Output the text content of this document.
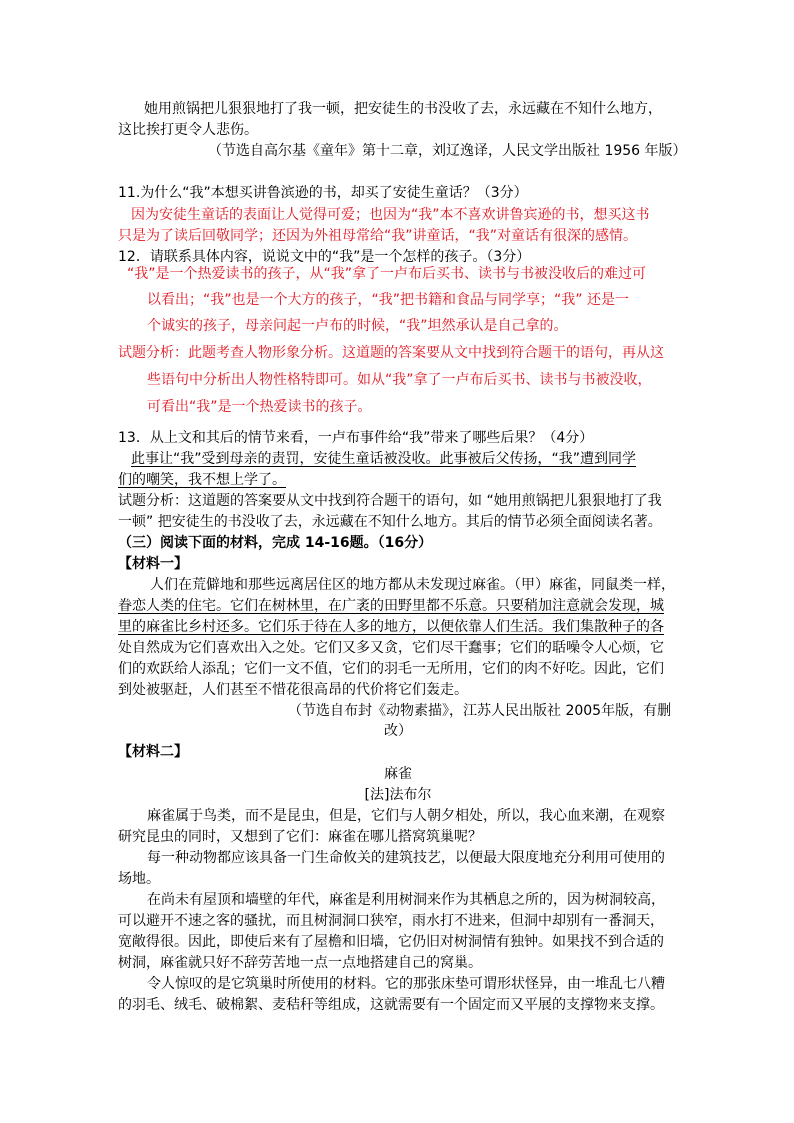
她用煎锅把儿狠狠地打了我一顿，把安徒生的书没收了去，永远藏在不知什么地方，
这比挨打更令人悲伤。
（节选自高尔基《童年》第十二章，刘辽逸译，人民文学出版社 1956 年版）
11.为什么“我”本想买讲鲁滨逊的书，却买了安徒生童话？（3分）
因为安徒生童话的表面让人觉得可爱；也因为“我”本不喜欢讲鲁宾逊的书，想买这书
只是为了读后回敬同学；还因为外祖母常给“我”讲童话，“我”对童话有很深的感情。
12．请联系具体内容，说说文中的“我”是一个怎样的孩子。（3分）
“我”是一个热爱读书的孩子，从“我”拿了一卢布后买书、读书与书被没收后的难过可
以看出；“我”也是一个大方的孩子，“我”把书籍和食品与同学享；“我” 还是一
个诚实的孩子，母亲问起一卢布的时候，“我”坦然承认是自己拿的。
试题分析：此题考查人物形象分析。这道题的答案要从文中找到符合题干的语句，再从这
些语句中分析出人物性格特即可。如从“我”拿了一卢布后买书、读书与书被没收，
可看出“我”是一个热爱读书的孩子。
13．从上文和其后的情节来看，一卢布事件给“我”带来了哪些后果？（4分）
此事让“我”受到母亲的责罚，安徒生童话被没收。此事被后父传扬，“我”遭到同学
们的嘲笑，我不想上学了。
试题分析：这道题的答案要从文中找到符合题干的语句，如 “她用煎锅把儿狠狠地打了我
一顿” 把安徒生的书没收了去，永远藏在不知什么地方。其后的情节必须全面阅读名著。
（三）阅读下面的材料，完成 14-16题。（16分）
【材料一】
人们在荒僻地和那些远离居住区的地方都从未发现过麻雀。（甲）麻雀，同鼠类一样，
眷恋人类的住宅。它们在树林里，在广袤的田野里都不乐意。只要稍加注意就会发现，城
里的麻雀比乡村还多。它们乐于待在人多的地方，以便依靠人们生活。我们集散种子的各
处自然成为它们喜欢出入之处。它们又多又贪，它们尽干蠢事；它们的聒噪令人心烦，它
们的欢跃给人添乱；它们一文不值，它们的羽毛一无所用，它们的肉不好吃。因此，它们
到处被驱赶，人们甚至不惜花很高昂的代价将它们轰走。
（节选自布封《动物素描》，江苏人民出版社 2005年版，有删
改）
【材料二】
麻雀
[法]法布尔
麻雀属于鸟类，而不是昆虫，但是，它们与人朝夕相处，所以，我心血来潮，在观察
研究昆虫的同时，又想到了它们：麻雀在哪儿搭窝筑巢呢？
每一种动物都应该具备一门生命攸关的建筑技艺，以便最大限度地充分利用可使用的
场地。
在尚未有屋顶和墙壁的年代，麻雀是利用树洞来作为其栖息之所的，因为树洞较高，
可以避开不速之客的骚扰，而且树洞洞口狭窄，雨水打不进来，但洞中却别有一番洞天，
宽敞得很。因此，即使后来有了屋檐和旧墙，它仍旧对树洞情有独钟。如果找不到合适的
树洞，麻雀就只好不辞劳苦地一点一点地搭建自己的窝巢。
令人惊叹的是它筑巢时所使用的材料。它的那张床垫可谓形状怪异，由一堆乱七八糟
的羽毛、绒毛、破棉絮、麦秸秆等组成，这就需要有一个固定而又平展的支撑物来支撑。
